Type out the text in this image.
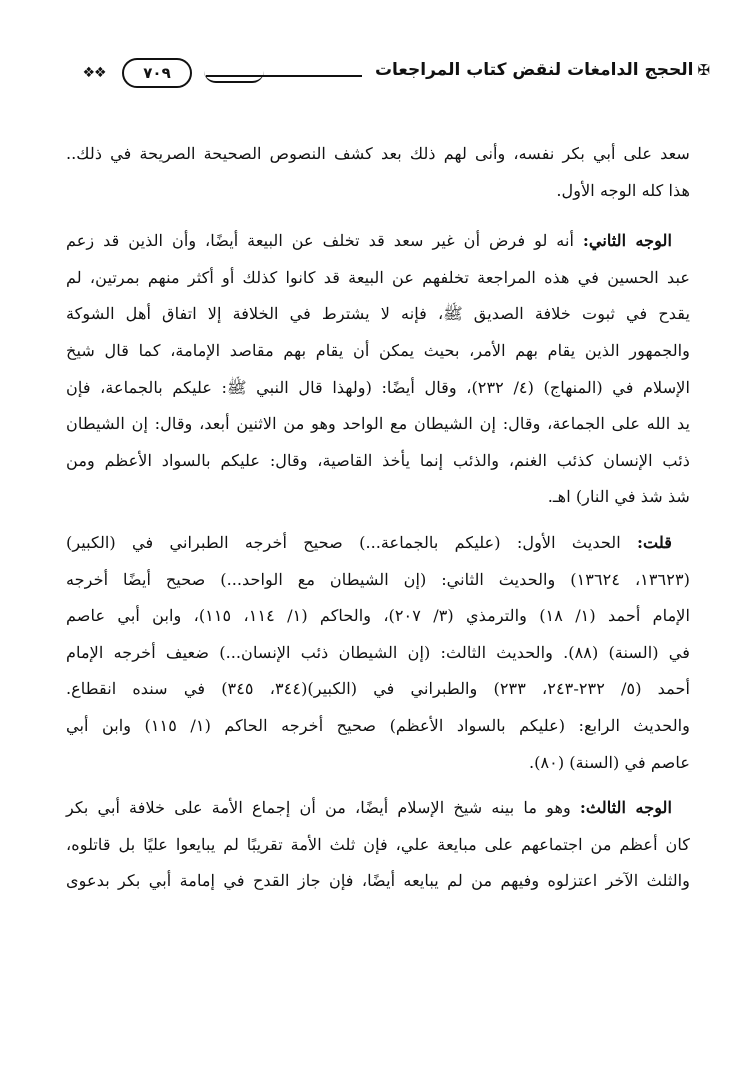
✠الحجج الدامغات لنقض كتاب المراجعات
٧٠٩
❖❖
سعد على أبي بكر نفسه، وأنى لهم ذلك بعد كشف النصوص الصحيحة الصريحة في ذلك..
هذا كله الوجه الأول.
الوجه الثاني: أنه لو فرض أن غير سعد قد تخلف عن البيعة أيضًا، وأن الذين قد زعم
عبد الحسين في هذه المراجعة تخلفهم عن البيعة قد كانوا كذلك أو أكثر منهم بمرتين، لم
يقدح في ثبوت خلافة الصديق ﷺ، فإنه لا يشترط في الخلافة إلا اتفاق أهل الشوكة
والجمهور الذين يقام بهم الأمر، بحيث يمكن أن يقام بهم مقاصد الإمامة، كما قال شيخ
الإسلام في (المنهاج) (٤/ ٢٣٢)، وقال أيضًا: (ولهذا قال النبي ﷺ: عليكم بالجماعة، فإن
يد الله على الجماعة، وقال: إن الشيطان مع الواحد وهو من الاثنين أبعد، وقال: إن الشيطان
ذئب الإنسان كذئب الغنم، والذئب إنما يأخذ القاصية، وقال: عليكم بالسواد الأعظم ومن
شذ شذ في النار) اهـ.
قلت: الحديث الأول: (عليكم بالجماعة...) صحيح أخرجه الطبراني في (الكبير)
(١٣٦٢٣، ١٣٦٢٤) والحديث الثاني: (إن الشيطان مع الواحد...) صحيح أيضًا أخرجه
الإمام أحمد (١/ ١٨) والترمذي (٣/ ٢٠٧)، والحاكم (١/ ١١٤، ١١٥)، وابن أبي عاصم
في (السنة) (٨٨). والحديث الثالث: (إن الشيطان ذئب الإنسان...) ضعيف أخرجه الإمام
أحمد (٥/ ٢٣٢-٢٤٣، ٢٣٣) والطبراني في (الكبير)(٣٤٤، ٣٤٥) في سنده انقطاع.
والحديث الرابع: (عليكم بالسواد الأعظم) صحيح أخرجه الحاكم (١/ ١١٥) وابن أبي
عاصم في (السنة) (٨٠).
الوجه الثالث: وهو ما بينه شيخ الإسلام أيضًا، من أن إجماع الأمة على خلافة أبي بكر
كان أعظم من اجتماعهم على مبايعة علي، فإن ثلث الأمة تقريبًا لم يبايعوا عليًا بل قاتلوه،
والثلث الآخر اعتزلوه وفيهم من لم يبايعه أيضًا، فإن جاز القدح في إمامة أبي بكر بدعوى
